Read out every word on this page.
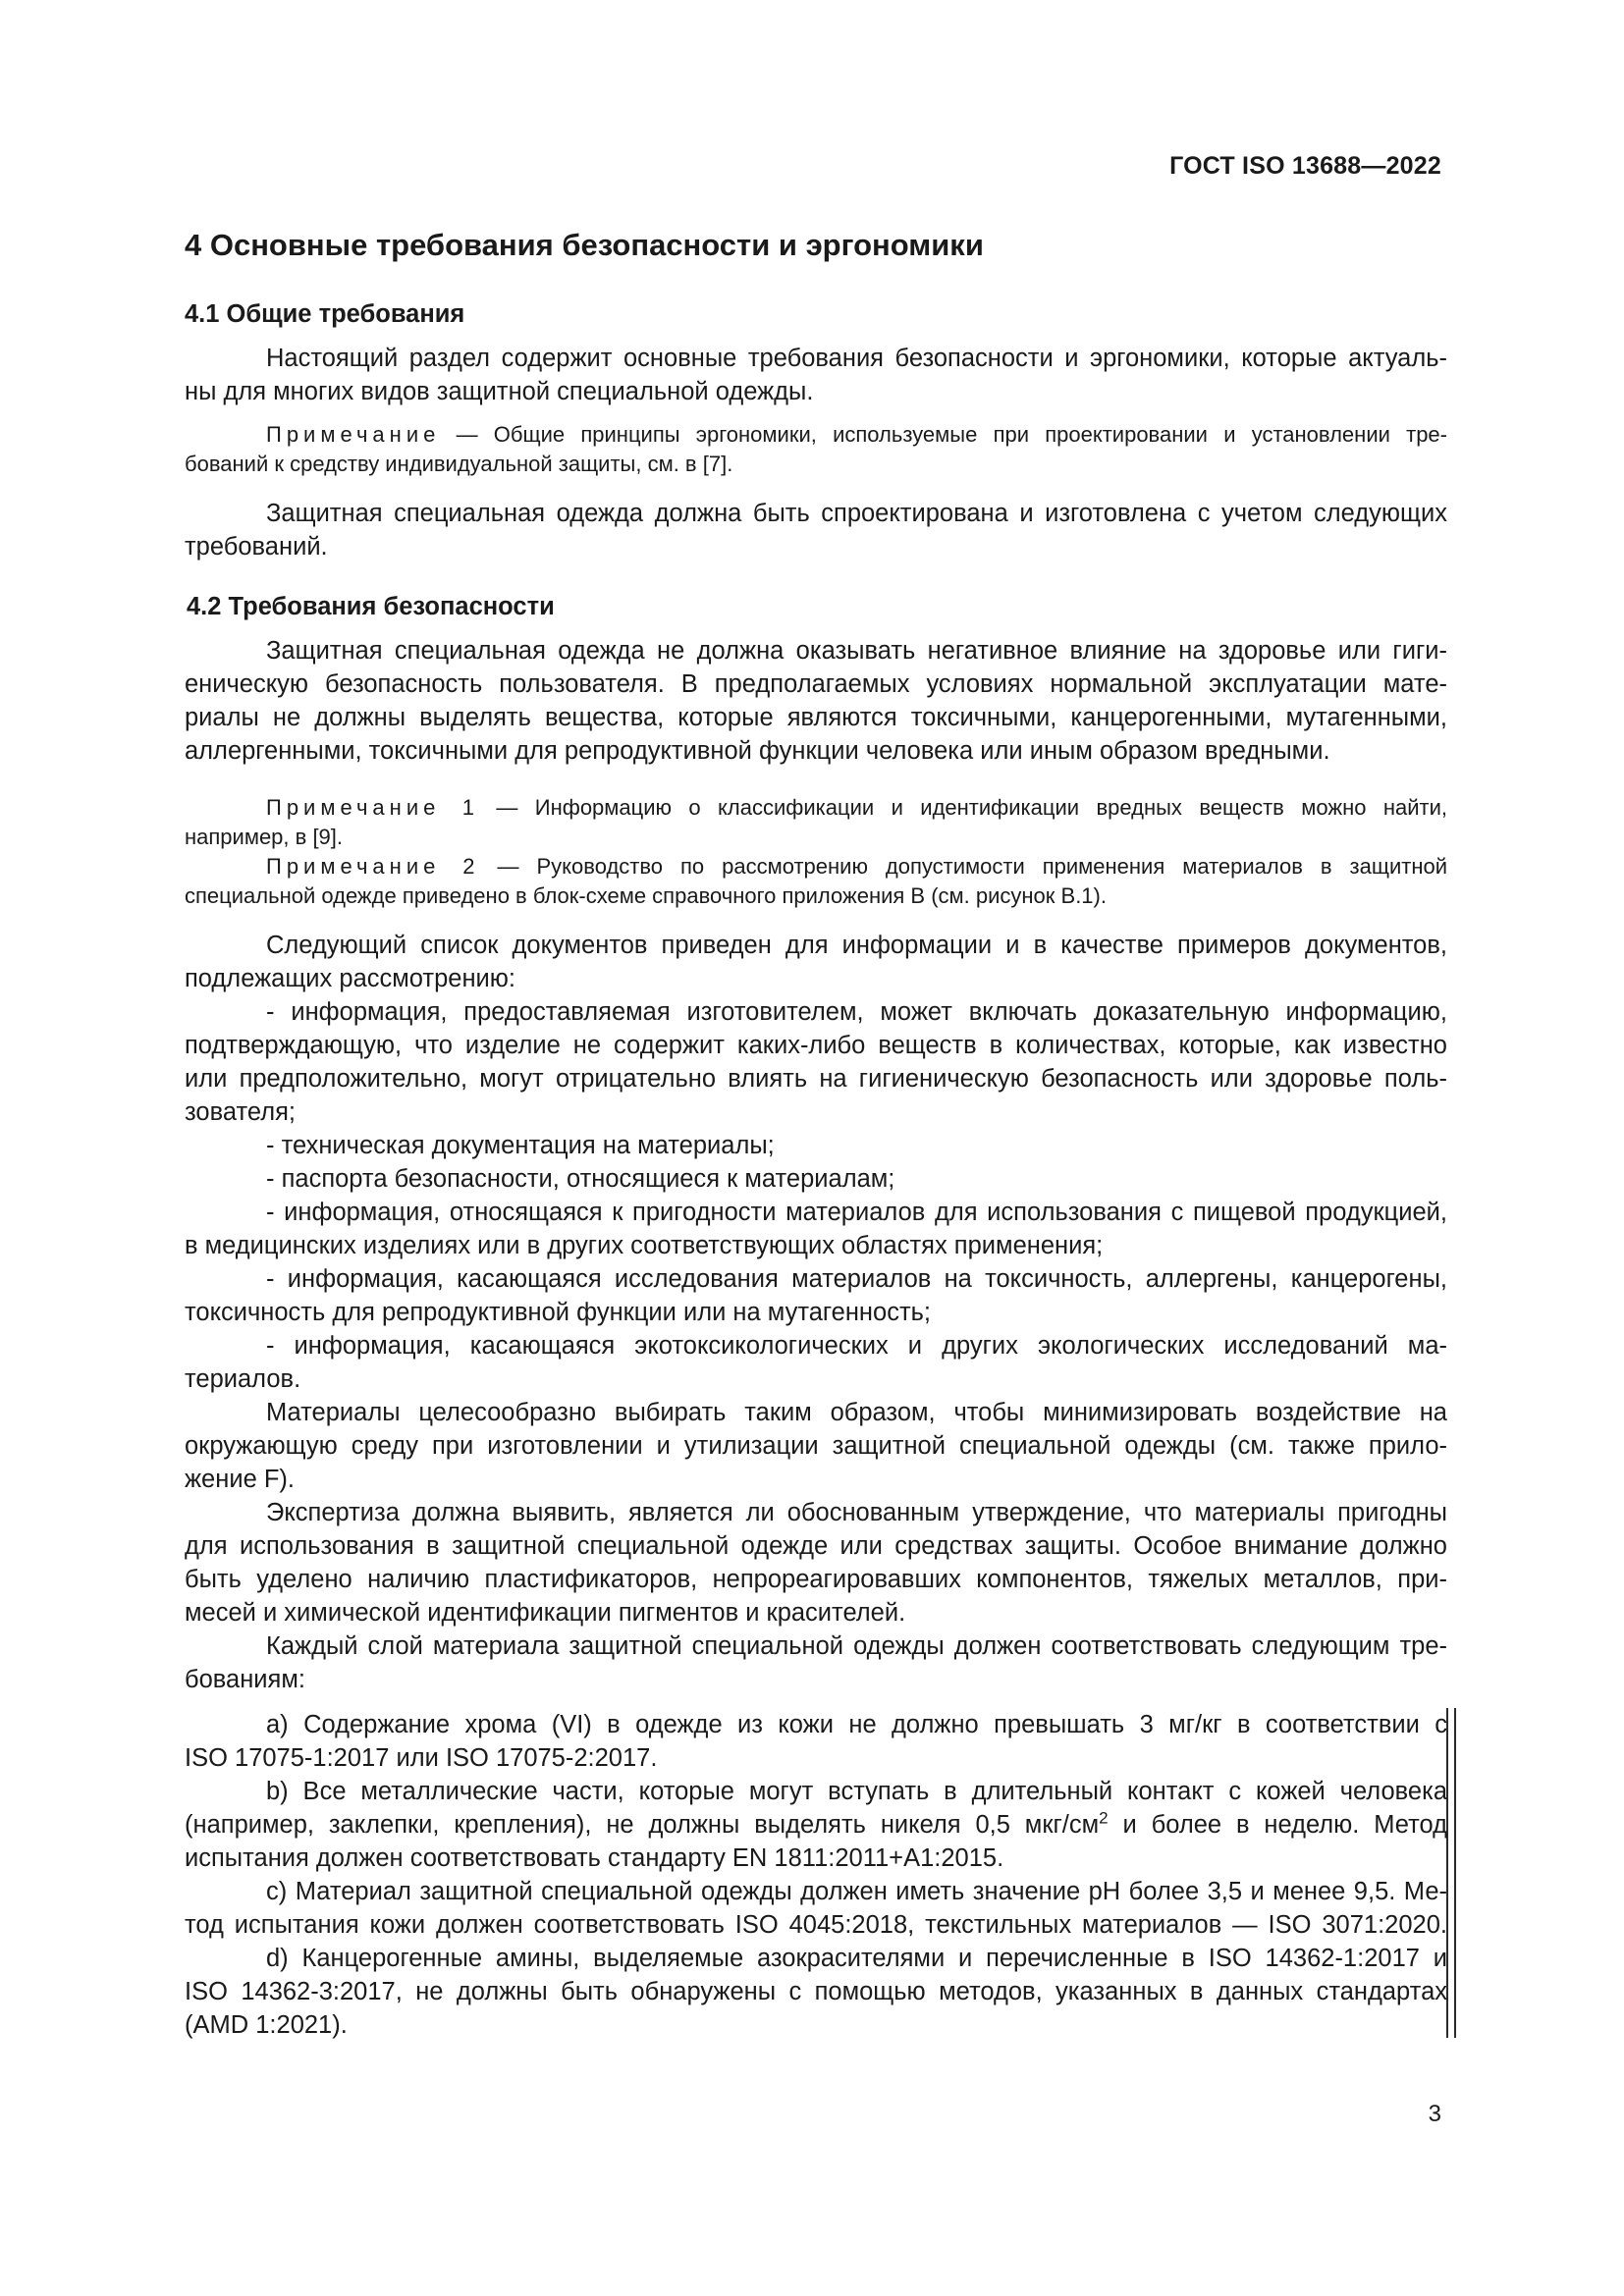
ГОСТ ISO 13688—2022
4 Основные требования безопасности и эргономики
4.1 Общие требования
Настоящий раздел содержит основные требования безопасности и эргономики, которые актуаль-
ны для многих видов защитной специальной одежды.
Примечание — Общие принципы эргономики, используемые при проектировании и установлении тре-
бований к средству индивидуальной защиты, см. в [7].
Защитная специальная одежда должна быть спроектирована и изготовлена с учетом следующих
требований.
4.2 Требования безопасности
Защитная специальная одежда не должна оказывать негативное влияние на здоровье или гиги-
еническую безопасность пользователя. В предполагаемых условиях нормальной эксплуатации мате-
риалы не должны выделять вещества, которые являются токсичными, канцерогенными, мутагенными,
аллергенными, токсичными для репродуктивной функции человека или иным образом вредными.
Примечание 1 — Информацию о классификации и идентификации вредных веществ можно найти,
например, в [9].
Примечание 2 — Руководство по рассмотрению допустимости применения материалов в защитной
специальной одежде приведено в блок-схеме справочного приложения В (см. рисунок В.1).
Следующий список документов приведен для информации и в качестве примеров документов,
подлежащих рассмотрению:
- информация, предоставляемая изготовителем, может включать доказательную информацию,
подтверждающую, что изделие не содержит каких-либо веществ в количествах, которые, как известно
или предположительно, могут отрицательно влиять на гигиеническую безопасность или здоровье поль-
зователя;
- техническая документация на материалы;
- паспорта безопасности, относящиеся к материалам;
- информация, относящаяся к пригодности материалов для использования с пищевой продукцией,
в медицинских изделиях или в других соответствующих областях применения;
- информация, касающаяся исследования материалов на токсичность, аллергены, канцерогены,
токсичность для репродуктивной функции или на мутагенность;
- информация, касающаяся экотоксикологических и других экологических исследований ма-
териалов.
Материалы целесообразно выбирать таким образом, чтобы минимизировать воздействие на
окружающую среду при изготовлении и утилизации защитной специальной одежды (см. также прило-
жение F).
Экспертиза должна выявить, является ли обоснованным утверждение, что материалы пригодны
для использования в защитной специальной одежде или средствах защиты. Особое внимание должно
быть уделено наличию пластификаторов, непрореагировавших компонентов, тяжелых металлов, при-
месей и химической идентификации пигментов и красителей.
Каждый слой материала защитной специальной одежды должен соответствовать следующим тре-
бованиям:
a) Содержание хрома (VI) в одежде из кожи не должно превышать 3 мг/кг в соответствии с
ISO 17075-1:2017 или ISO 17075-2:2017.
b) Все металлические части, которые могут вступать в длительный контакт с кожей человека
(например, заклепки, крепления), не должны выделять никеля 0,5 мкг/$см^2$ и более в неделю. Метод
испытания должен соответствовать стандарту EN 1811:2011+A1:2015.
c) Материал защитной специальной одежды должен иметь значение pH более 3,5 и менее 9,5. Ме-
тод испытания кожи должен соответствовать ISO 4045:2018, текстильных материалов — ISO 3071:2020.
d) Канцерогенные амины, выделяемые азокрасителями и перечисленные в ISO 14362-1:2017 и
ISO 14362-3:2017, не должны быть обнаружены с помощью методов, указанных в данных стандартах
(AMD 1:2021).
3
